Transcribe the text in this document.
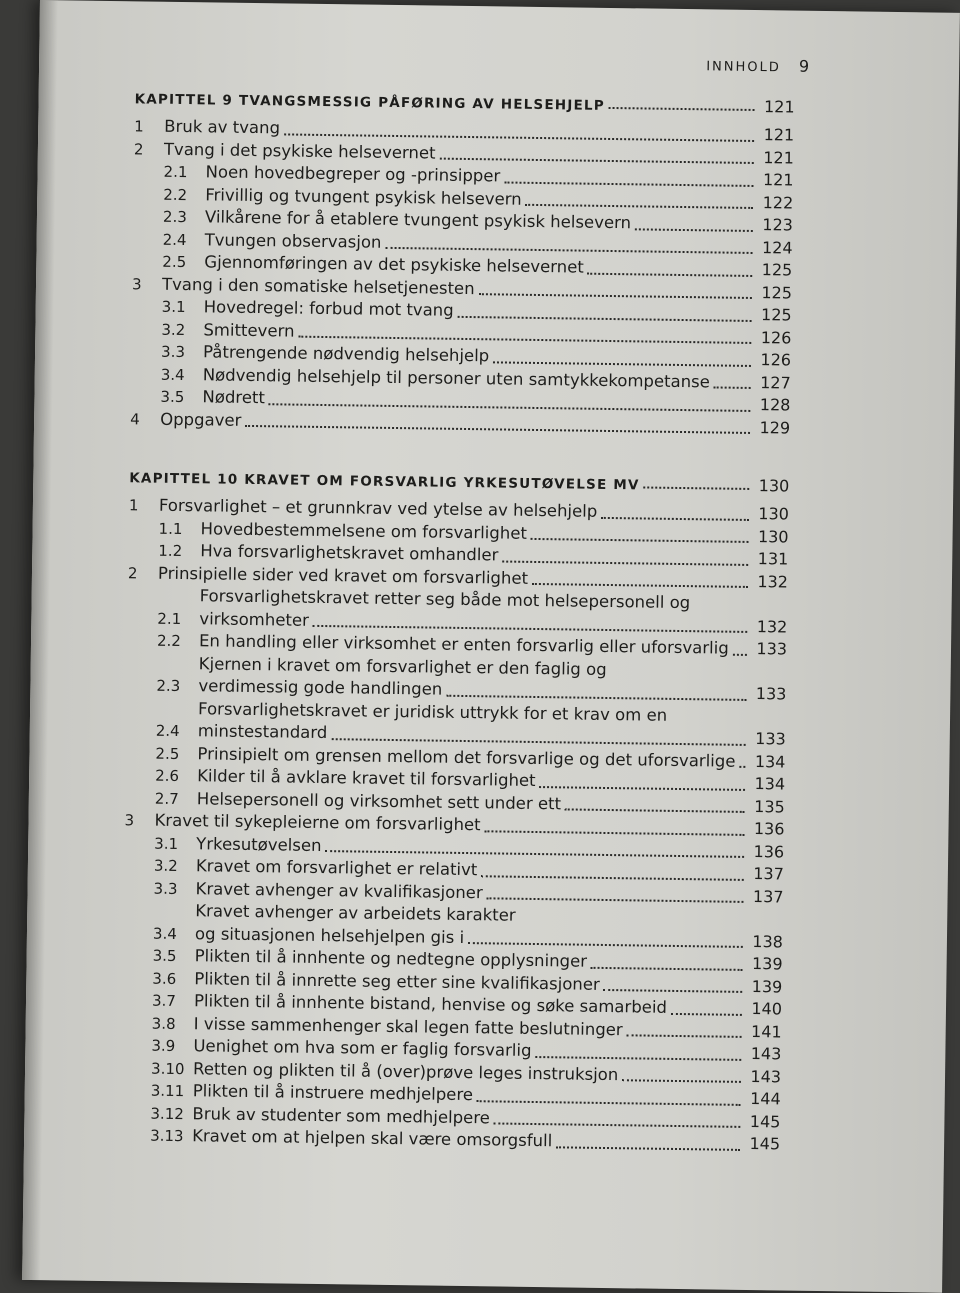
INNHOLD 9
KAPITTEL 9 TVANGSMESSIG PÅFØRING AV HELSEHJELP	121
1	Bruk av tvang	121
2	Tvang i det psykiske helsevernet	121
2.1	Noen hovedbegreper og -prinsipper	121
2.2	Frivillig og tvungent psykisk helsevern	122
2.3	Vilkårene for å etablere tvungent psykisk helsevern	123
2.4	Tvungen observasjon	124
2.5	Gjennomføringen av det psykiske helsevernet	125
3	Tvang i den somatiske helsetjenesten	125
3.1	Hovedregel: forbud mot tvang	125
3.2	Smittevern	126
3.3	Påtrengende nødvendig helsehjelp	126
3.4	Nødvendig helsehjelp til personer uten samtykkekompetanse	127
3.5	Nødrett	128
4	Oppgaver	129
KAPITTEL 10 KRAVET OM FORSVARLIG YRKESUTØVELSE MV	130
1	Forsvarlighet – et grunnkrav ved ytelse av helsehjelp	130
1.1	Hovedbestemmelsene om forsvarlighet	130
1.2	Hva forsvarlighetskravet omhandler	131
2	Prinsipielle sider ved kravet om forsvarlighet	132
2.1
Forsvarlighetskravet retter seg både mot helsepersonell og
virksomheter	132
2.2	En handling eller virksomhet er enten forsvarlig eller uforsvarlig 133
2.3
Kjernen i kravet om forsvarlighet er den faglig og
verdimessig gode handlingen	133
2.4
Forsvarlighetskravet er juridisk uttrykk for et krav om en
minstestandard	133
2.5	Prinsipielt om grensen mellom det forsvarlige og det uforsvarlige 134
2.6	Kilder til å avklare kravet til forsvarlighet	134
2.7	Helsepersonell og virksomhet sett under ett	135
3	Kravet til sykepleierne om forsvarlighet	136
3.1	Yrkesutøvelsen	136
3.2	Kravet om forsvarlighet er relativt	137
3.3	Kravet avhenger av kvalifikasjoner	137
3.4
Kravet avhenger av arbeidets karakter
og situasjonen helsehjelpen gis i	138
3.5	Plikten til å innhente og nedtegne opplysninger	139
3.6	Plikten til å innrette seg etter sine kvalifikasjoner	139
3.7	Plikten til å innhente bistand, henvise og søke samarbeid	140
3.8	I visse sammenhenger skal legen fatte beslutninger	141
3.9	Uenighet om hva som er faglig forsvarlig	143
3.10 Retten og plikten til å (over)prøve leges instruksjon	143
3.11 Plikten til å instruere medhjelpere	144
3.12 Bruk av studenter som medhjelpere	145
3.13 Kravet om at hjelpen skal være omsorgsfull	145
